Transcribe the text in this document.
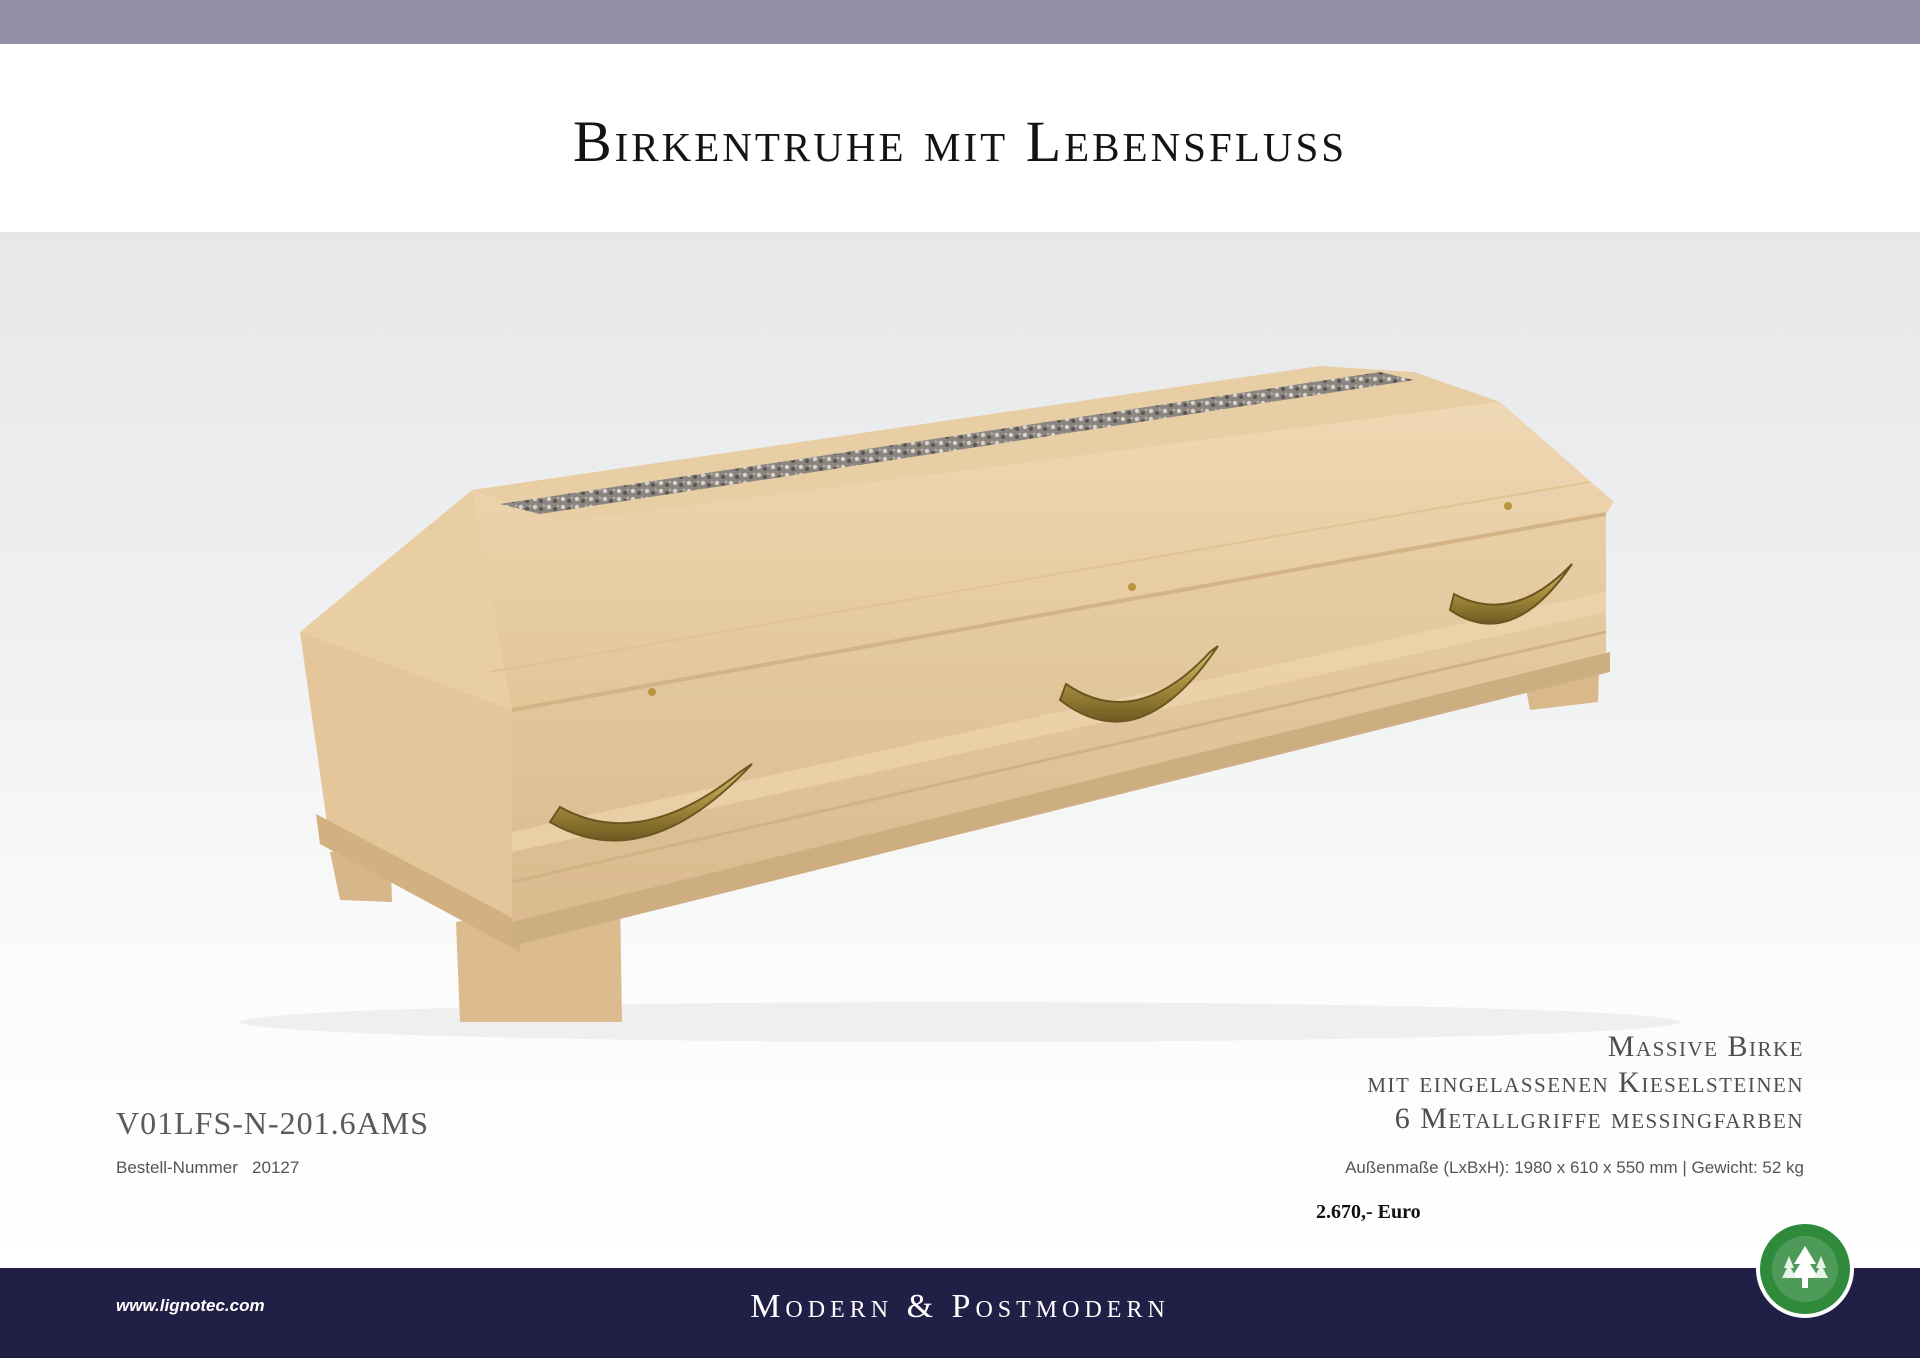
Birkentruhe mit Lebensfluss
V01LFS-N-201.6AMS
Bestell-Nummer 20127
Massive Birke
mit eingelassenen Kieselsteinen
6 Metallgriffe messingfarben
Außenmaße (LxBxH): 1980 x 610 x 550 mm | Gewicht: 52 kg
2.670,- Euro
www.lignotec.com	Modern & Postmodern
